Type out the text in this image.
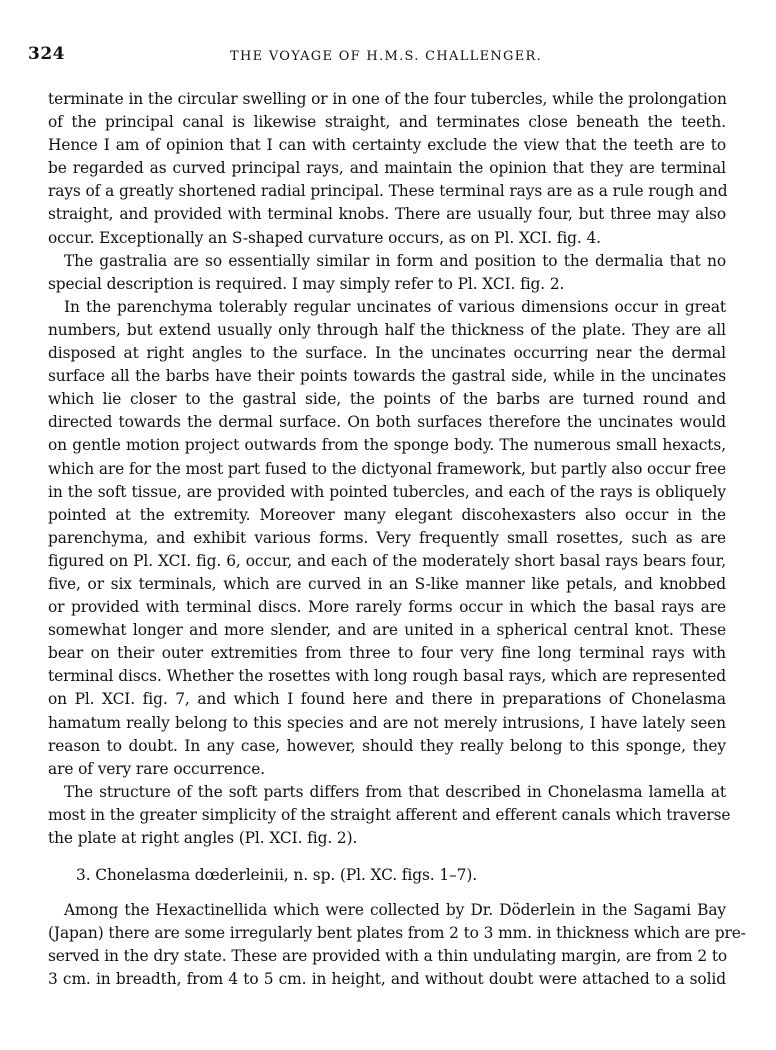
324	THE VOYAGE OF H.M.S. CHALLENGER.
terminate in the circular swelling or in one of the four tubercles, while the prolongation
of the principal canal is likewise straight, and terminates close beneath the teeth.
Hence I am of opinion that I can with certainty exclude the view that the teeth are to
be regarded as curved principal rays, and maintain the opinion that they are terminal
rays of a greatly shortened radial principal. These terminal rays are as a rule rough and
straight, and provided with terminal knobs. There are usually four, but three may also
occur. Exceptionally an S-shaped curvature occurs, as on Pl. XCI. fig. 4.
The gastralia are so essentially similar in form and position to the dermalia that no
special description is required. I may simply refer to Pl. XCI. fig. 2.
In the parenchyma tolerably regular uncinates of various dimensions occur in great
numbers, but extend usually only through half the thickness of the plate. They are all
disposed at right angles to the surface. In the uncinates occurring near the dermal
surface all the barbs have their points towards the gastral side, while in the uncinates
which lie closer to the gastral side, the points of the barbs are turned round and
directed towards the dermal surface. On both surfaces therefore the uncinates would
on gentle motion project outwards from the sponge body. The numerous small hexacts,
which are for the most part fused to the dictyonal framework, but partly also occur free
in the soft tissue, are provided with pointed tubercles, and each of the rays is obliquely
pointed at the extremity. Moreover many elegant discohexasters also occur in the
parenchyma, and exhibit various forms. Very frequently small rosettes, such as are
figured on Pl. XCI. fig. 6, occur, and each of the moderately short basal rays bears four,
five, or six terminals, which are curved in an S-like manner like petals, and knobbed
or provided with terminal discs. More rarely forms occur in which the basal rays are
somewhat longer and more slender, and are united in a spherical central knot. These
bear on their outer extremities from three to four very fine long terminal rays with
terminal discs. Whether the rosettes with long rough basal rays, which are represented
on Pl. XCI. fig. 7, and which I found here and there in preparations of Chonelasma
hamatum really belong to this species and are not merely intrusions, I have lately seen
reason to doubt. In any case, however, should they really belong to this sponge, they
are of very rare occurrence.
The structure of the soft parts differs from that described in Chonelasma lamella at
most in the greater simplicity of the straight afferent and efferent canals which traverse
the plate at right angles (Pl. XCI. fig. 2).
3. Chonelasma dœderleinii, n. sp. (Pl. XC. figs. 1–7).
Among the Hexactinellida which were collected by Dr. Döderlein in the Sagami Bay
(Japan) there are some irregularly bent plates from 2 to 3 mm. in thickness which are pre-
served in the dry state. These are provided with a thin undulating margin, are from 2 to
3 cm. in breadth, from 4 to 5 cm. in height, and without doubt were attached to a solid
